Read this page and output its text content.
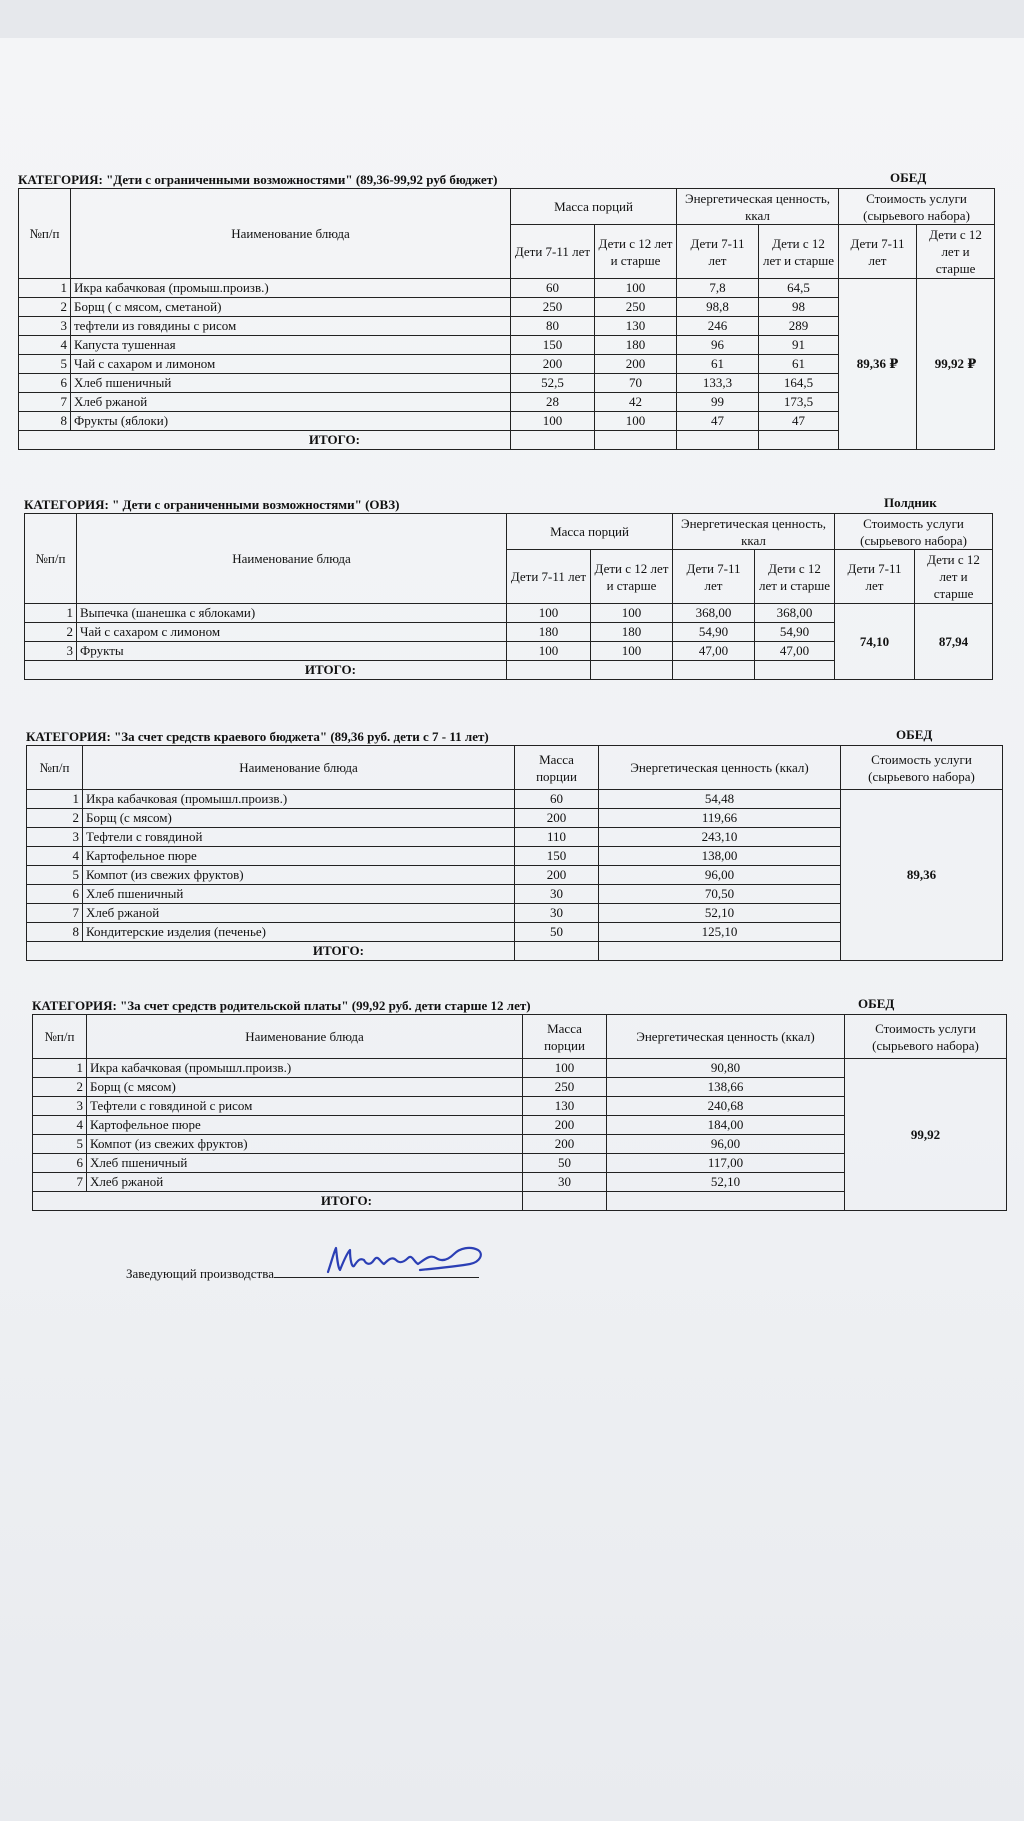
КАТЕГОРИЯ: "Дети с ограниченными возможностями" (89,36-99,92 руб бюджет)	ОБЕД
№п/п	Наименование блюда	Масса порций		Энергетическая ценность, ккал		Стоимость услуги (сырьевого набора)	
		Дети 7-11 лет	Дети с 12 лет и старше	Дети 7-11 лет	Дети с 12 лет и старше	Дети 7-11 лет	Дети с 12 лет и старше
1	Икра кабачковая (промыш.произв.)	60	100	7,8	64,5	89,36 ₽	99,92 ₽
2	Борщ ( с мясом, сметаной)	250	250	98,8	98		
3	тефтели из говядины с рисом	80	130	246	289		
4	Капуста тушенная	150	180	96	91		
5	Чай с сахаром и лимоном	200	200	61	61		
6	Хлеб пшеничный	52,5	70	133,3	164,5		
7	Хлеб ржаной	28	42	99	173,5		
8	Фрукты (яблоки)	100	100	47	47		
ИТОГО:							
КАТЕГОРИЯ: " Дети с ограниченными возможностями" (ОВЗ)	Полдник
№п/п	Наименование блюда	Масса порций		Энергетическая ценность, ккал		Стоимость услуги (сырьевого набора)	
		Дети 7-11 лет	Дети с 12 лет и старше	Дети 7-11 лет	Дети с 12 лет и старше	Дети 7-11 лет	Дети с 12 лет и старше
1	Выпечка (шанешка с яблоками)	100	100	368,00	368,00	74,10	87,94
2	Чай с сахаром с лимоном	180	180	54,90	54,90		
3	Фрукты	100	100	47,00	47,00		
ИТОГО:							
КАТЕГОРИЯ: "За счет средств краевого бюджета" (89,36 руб. дети с 7 - 11 лет)	ОБЕД
№п/п	Наименование блюда	Масса порции	Энергетическая ценность (ккал)	Стоимость услуги (сырьевого набора)
1	Икра кабачковая (промышл.произв.)	60	54,48	89,36
2	Борщ (с мясом)	200	119,66	
3	Тефтели с говядиной	110	243,10	
4	Картофельное пюре	150	138,00	
5	Компот (из свежих фруктов)	200	96,00	
6	Хлеб пшеничный	30	70,50	
7	Хлеб ржаной	30	52,10	
8	Кондитерские изделия (печенье)	50	125,10	
ИТОГО:				
КАТЕГОРИЯ: "За счет средств родительской платы" (99,92 руб. дети старше 12 лет)	ОБЕД
№п/п	Наименование блюда	Масса порции	Энергетическая ценность (ккал)	Стоимость услуги (сырьевого набора)
1	Икра кабачковая (промышл.произв.)	100	90,80	99,92
2	Борщ (с мясом)	250	138,66	
3	Тефтели с говядиной с рисом	130	240,68	
4	Картофельное пюре	200	184,00	
5	Компот (из свежих фруктов)	200	96,00	
6	Хлеб пшеничный	50	117,00	
7	Хлеб ржаной	30	52,10	
ИТОГО:				
Заведующий производства
